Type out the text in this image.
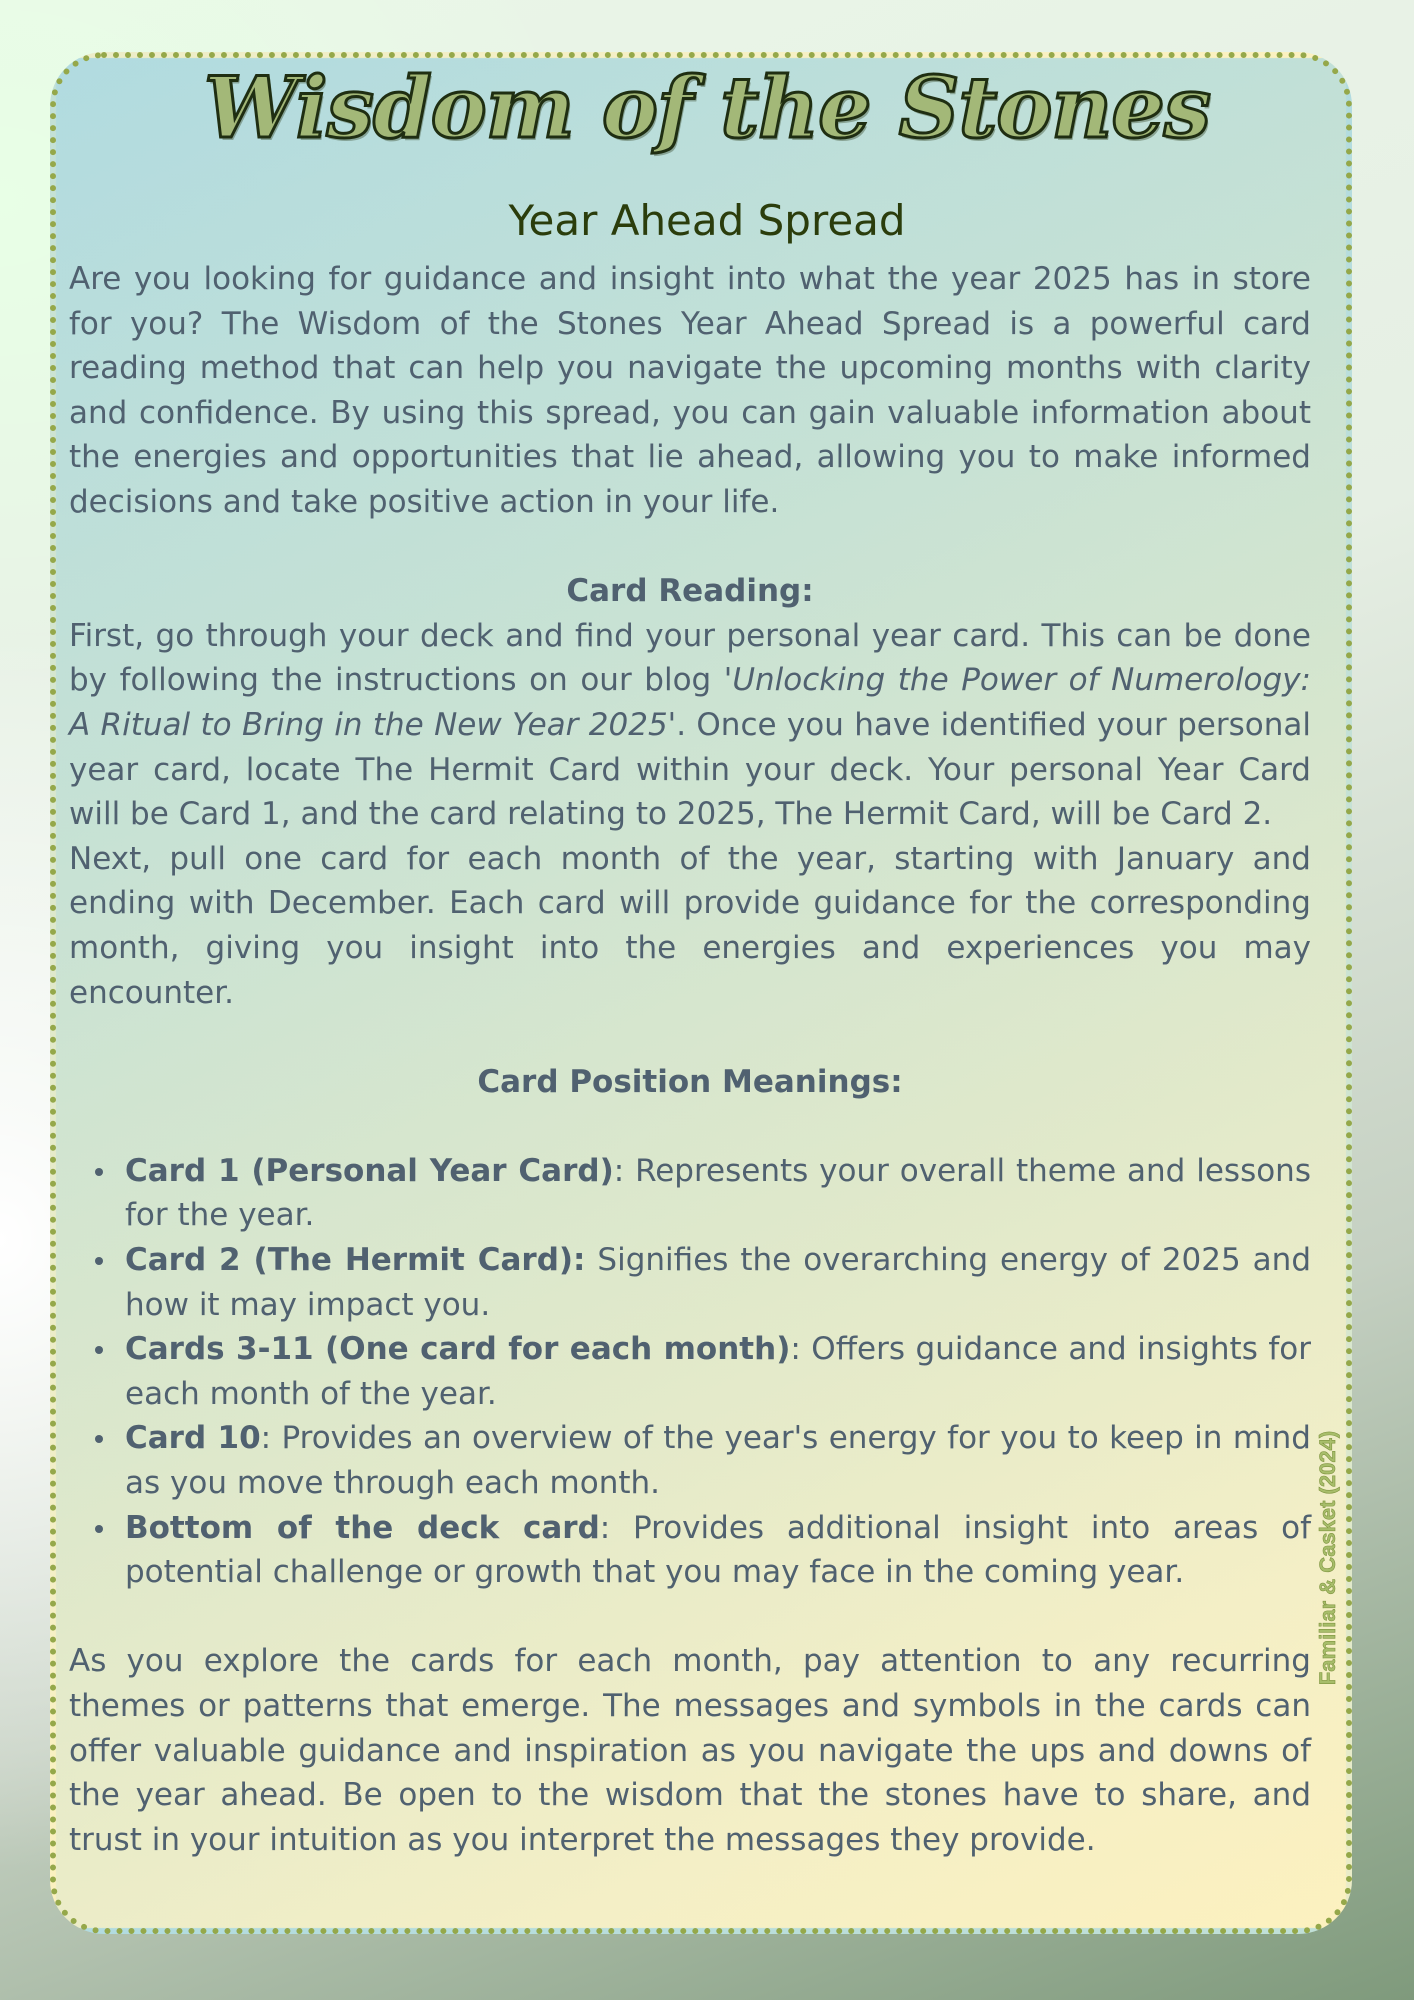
Wisdom of the Stones
Year Ahead Spread

Are you looking for guidance and insight into what the year 2025 has in store for you? The Wisdom of the Stones Year Ahead Spread is a powerful card reading method that can help you navigate the upcoming months with clarity and confidence. By using this spread, you can gain valuable information about the energies and opportunities that lie ahead, allowing you to make informed decisions and take positive action in your life.

Card Reading:

First, go through your deck and find your personal year card. This can be done by following the instructions on our blog 'Unlocking the Power of Numerology: A Ritual to Bring in the New Year 2025'. Once you have identified your personal year card, locate The Hermit Card within your deck. Your personal Year Card will be Card 1, and the card relating to 2025, The Hermit Card, will be Card 2.

Next, pull one card for each month of the year, starting with January and ending with December. Each card will provide guidance for the corresponding month, giving you insight into the energies and experiences you may encounter.

Card Position Meanings:

Card 1 (Personal Year Card): Represents your overall theme and lessons for the year.
Card 2 (The Hermit Card): Signifies the overarching energy of 2025 and how it may impact you.
Cards 3-11 (One card for each month): Offers guidance and insights for each month of the year.
Card 10: Provides an overview of the year's energy for you to keep in mind as you move through each month.
Bottom of the deck card: Provides additional insight into areas of potential challenge or growth that you may face in the coming year.

As you explore the cards for each month, pay attention to any recurring themes or patterns that emerge. The messages and symbols in the cards can offer valuable guidance and inspiration as you navigate the ups and downs of the year ahead. Be open to the wisdom that the stones have to share, and trust in your intuition as you interpret the messages they provide.

Familiar & Casket (2024)
